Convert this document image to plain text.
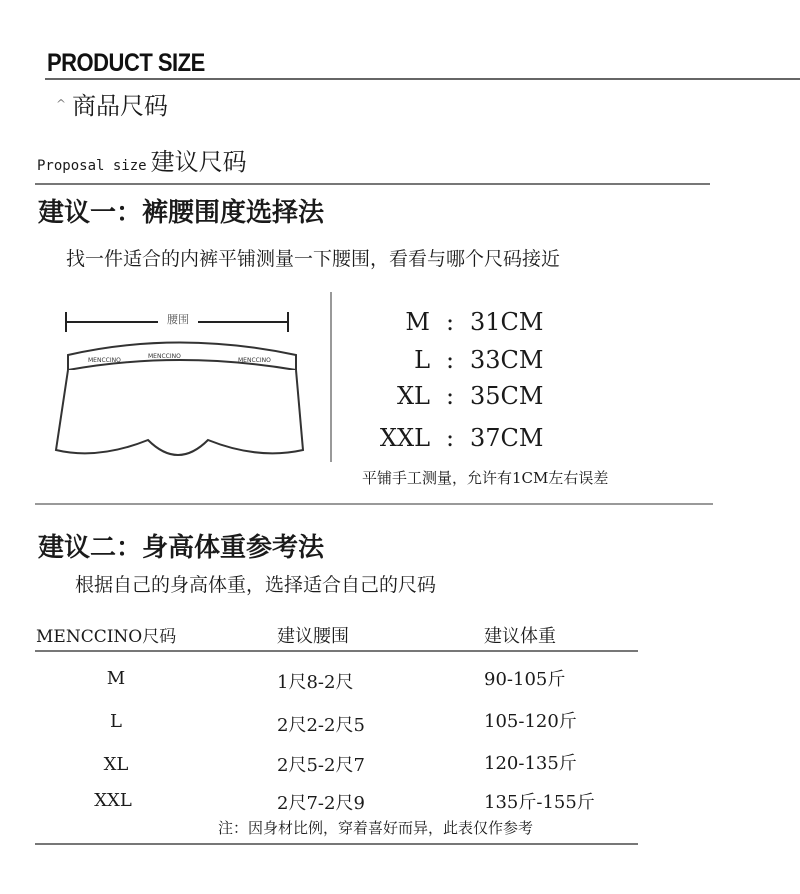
PRODUCT SIZE
^ 商品尺码
Proposal size 建议尺码
建议一：裤腰围度选择法
找一件适合的内裤平铺测量一下腰围，看看与哪个尺码接近
腰围
MENCCINO
MENCCINO
MENCCINO
M : 31CM
L : 33CM
XL : 35CM
XXL : 37CM
平铺手工测量，允许有1CM左右误差
建议二：身高体重参考法
根据自己的身高体重，选择适合自己的尺码
MENCCINO尺码	建议腰围	建议体重
M	1尺8-2尺	90-105斤
L	2尺2-2尺5	105-120斤
XL	2尺5-2尺7	120-135斤
XXL	2尺7-2尺9	135斤-155斤
注：因身材比例，穿着喜好而异，此表仅作参考
